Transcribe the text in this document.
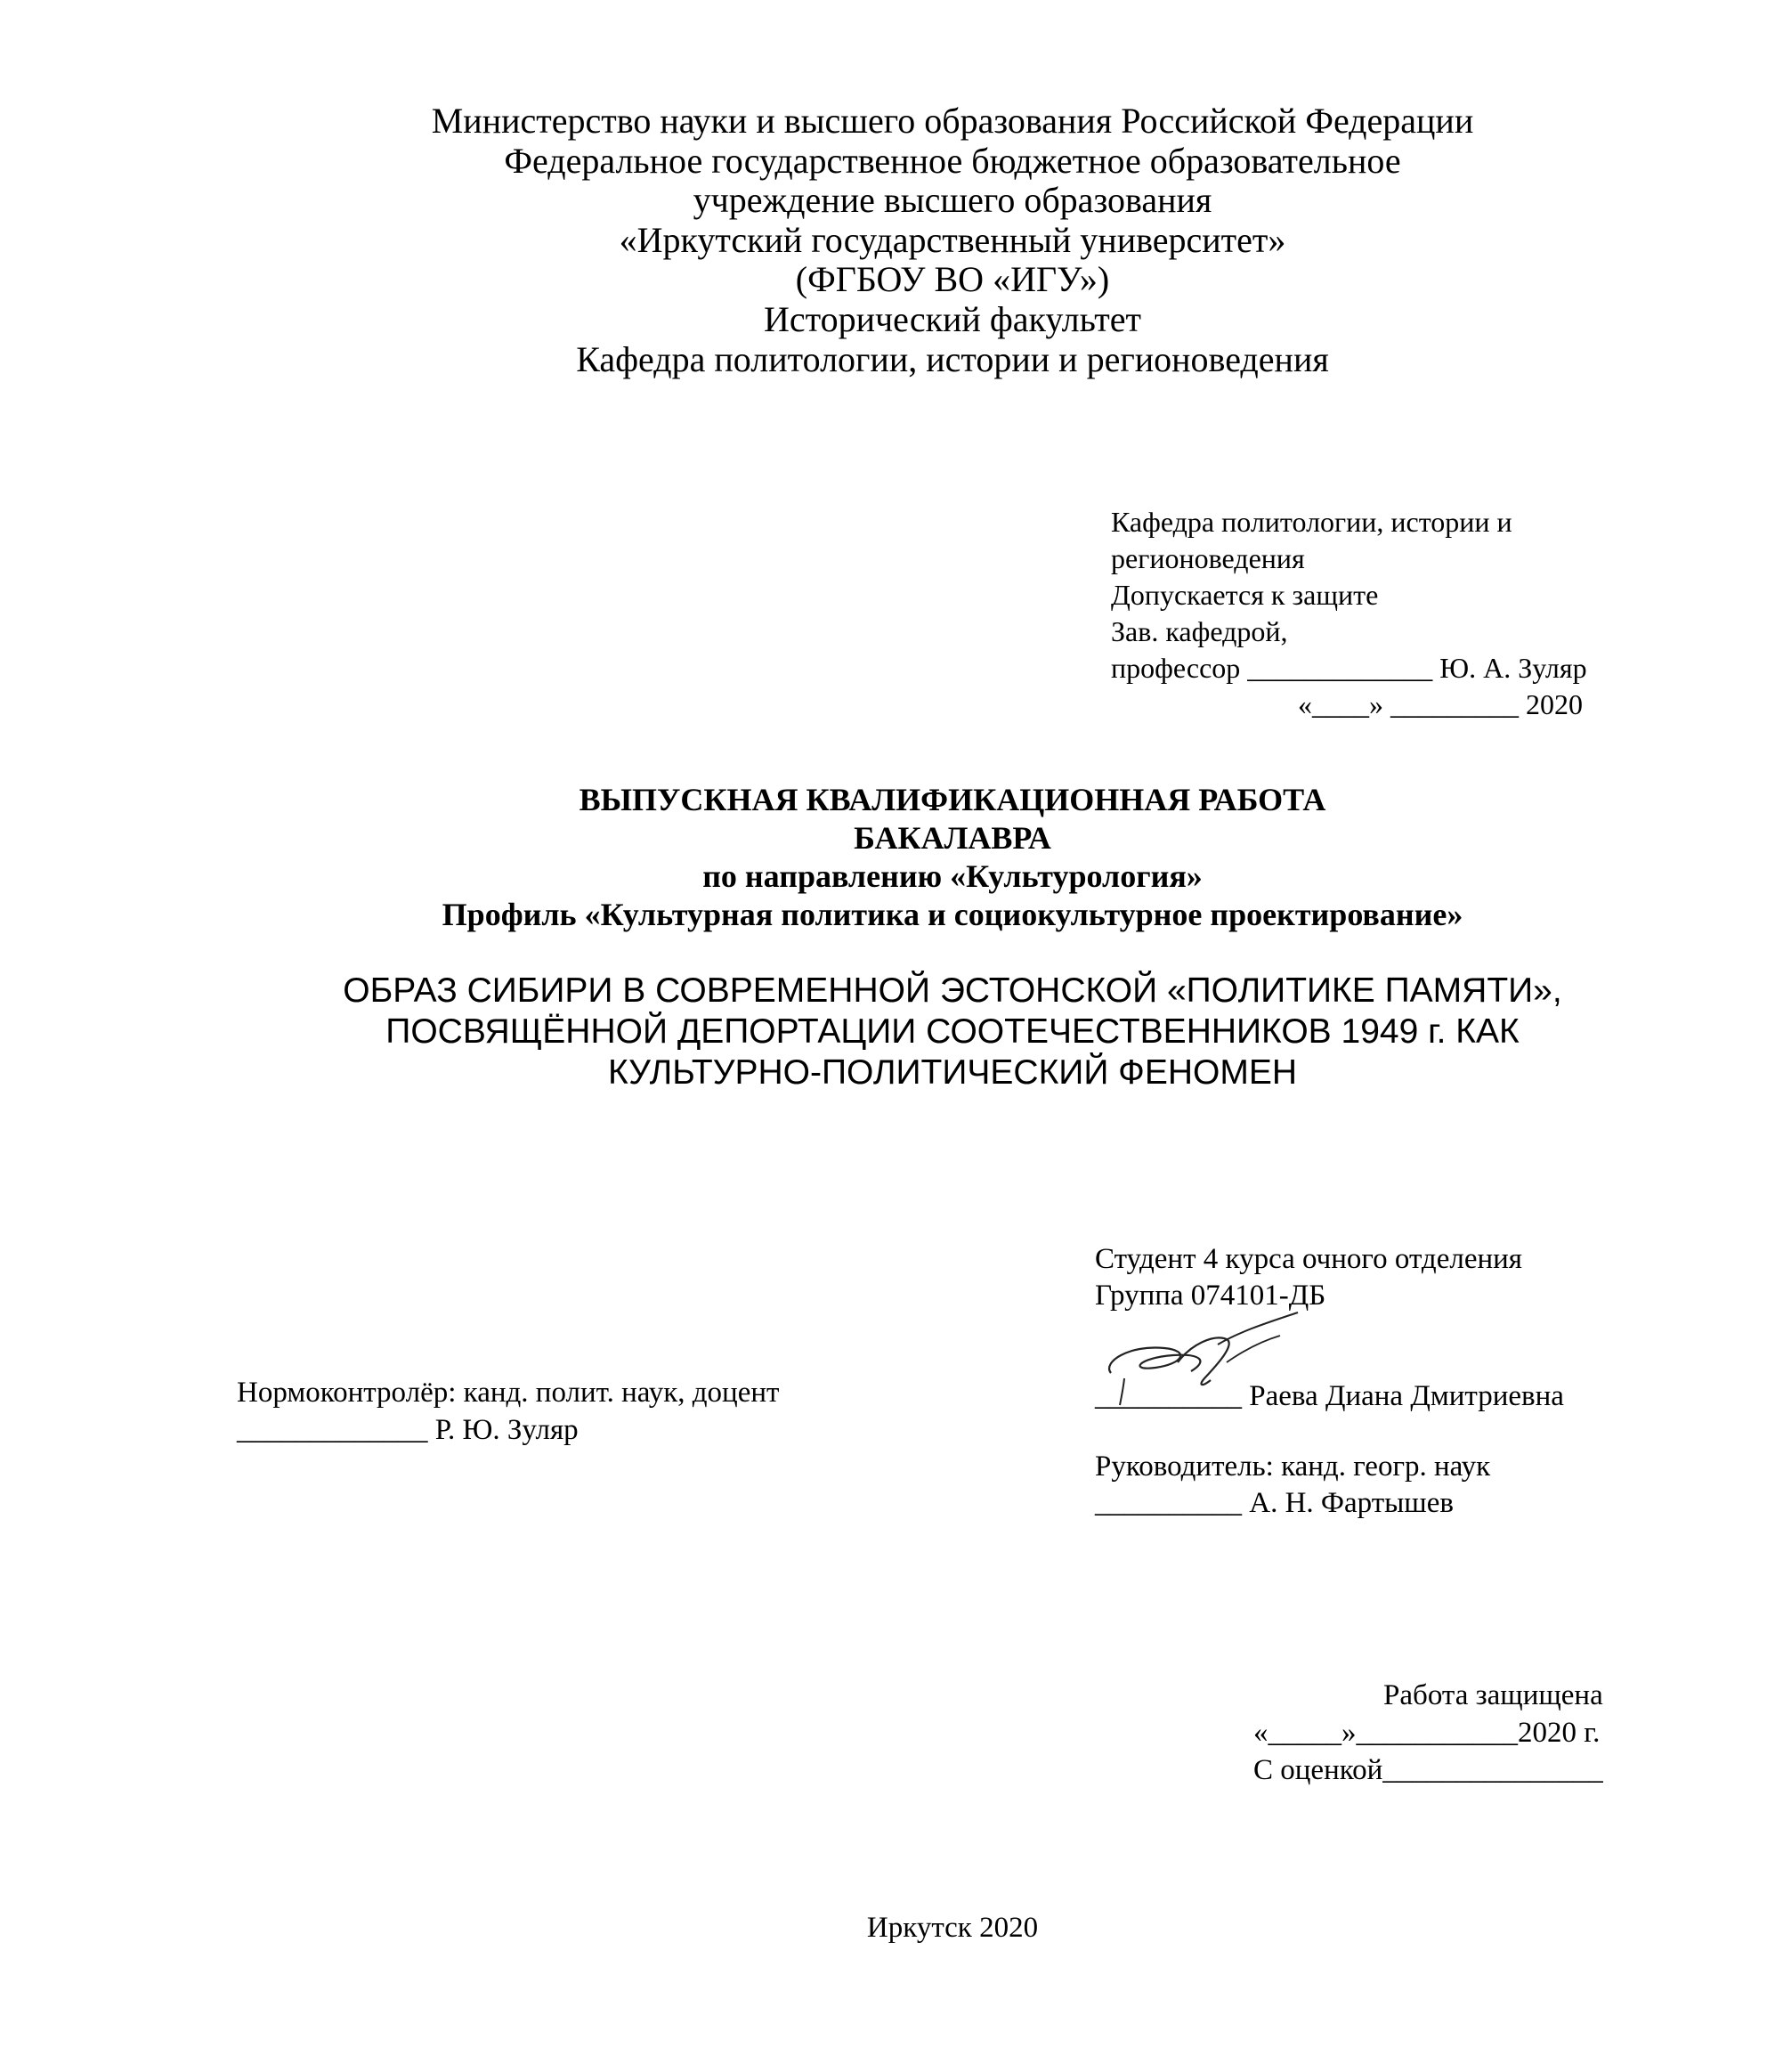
Министерство науки и высшего образования Российской Федерации
Федеральное государственное бюджетное образовательное
учреждение высшего образования
«Иркутский государственный университет»
(ФГБОУ ВО «ИГУ»)
Исторический факультет
Кафедра политологии, истории и регионоведения
Кафедра политологии, истории и
регионоведения
Допускается к защите
Зав. кафедрой,
профессор _____________ Ю. А. Зуляр
«____» _________ 2020
ВЫПУСКНАЯ КВАЛИФИКАЦИОННАЯ РАБОТА
БАКАЛАВРА
по направлению «Культурология»
Профиль «Культурная политика и социокультурное проектирование»
ОБРАЗ СИБИРИ В СОВРЕМЕННОЙ ЭСТОНСКОЙ «ПОЛИТИКЕ ПАМЯТИ»,
ПОСВЯЩЁННОЙ ДЕПОРТАЦИИ СООТЕЧЕСТВЕННИКОВ 1949 г. КАК
КУЛЬТУРНО-ПОЛИТИЧЕСКИЙ ФЕНОМЕН
Студент 4 курса очного отделения
Группа 074101-ДБ
__________ Раева Диана Дмитриевна
Руководитель: канд. геогр. наук
__________ А. Н. Фартышев
Нормоконтролёр: канд. полит. наук, доцент
_____________ Р. Ю. Зуляр
Работа защищена
«_____»___________2020 г.
С оценкой_______________
Иркутск 2020
